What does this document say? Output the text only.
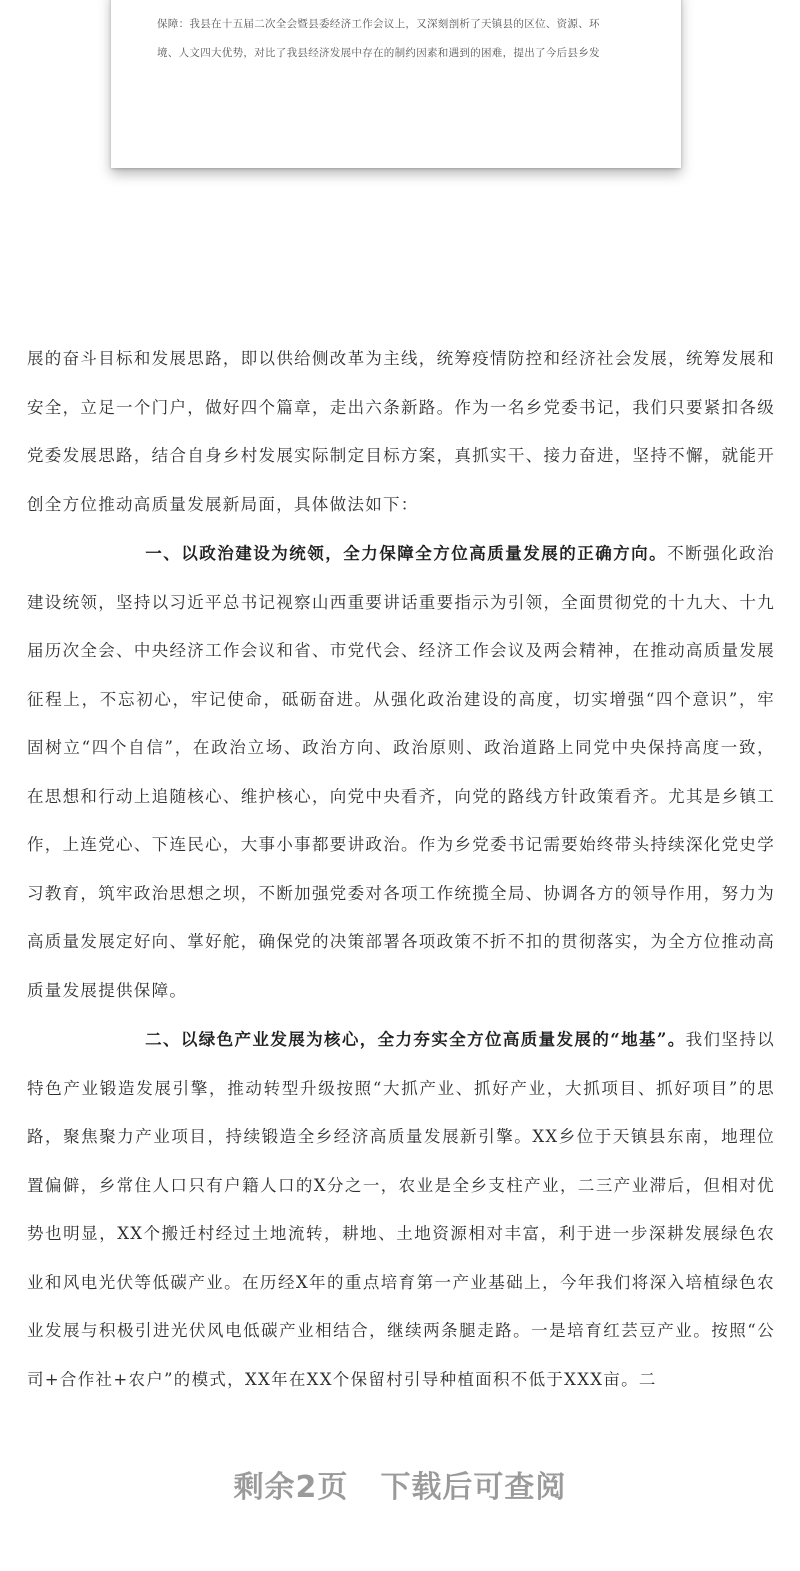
保障：我县在十五届二次全会暨县委经济工作会议上，又深刻剖析了天镇县的区位、资源、环
境、人文四大优势，对比了我县经济发展中存在的制约因素和遇到的困难，提出了今后县乡发

展的奋斗目标和发展思路，即以供给侧改革为主线，统筹疫情防控和经济社会发展，统筹发展和安全，立足一个门户，做好四个篇章，走出六条新路。作为一名乡党委书记，我们只要紧扣各级党委发展思路，结合自身乡村发展实际制定目标方案，真抓实干、接力奋进，坚持不懈，就能开创全方位推动高质量发展新局面，具体做法如下：

一、以政治建设为统领，全力保障全方位高质量发展的正确方向。不断强化政治建设统领，坚持以习近平总书记视察山西重要讲话重要指示为引领，全面贯彻党的十九大、十九届历次全会、中央经济工作会议和省、市党代会、经济工作会议及两会精神，在推动高质量发展征程上，不忘初心，牢记使命，砥砺奋进。从强化政治建设的高度，切实增强“四个意识”，牢固树立“四个自信”，在政治立场、政治方向、政治原则、政治道路上同党中央保持高度一致，在思想和行动上追随核心、维护核心，向党中央看齐，向党的路线方针政策看齐。尤其是乡镇工作，上连党心、下连民心，大事小事都要讲政治。作为乡党委书记需要始终带头持续深化党史学习教育，筑牢政治思想之坝，不断加强党委对各项工作统揽全局、协调各方的领导作用，努力为高质量发展定好向、掌好舵，确保党的决策部署各项政策不折不扣的贯彻落实，为全方位推动高质量发展提供保障。

二、以绿色产业发展为核心，全力夯实全方位高质量发展的“地基”。我们坚持以特色产业锻造发展引擎，推动转型升级按照“大抓产业、抓好产业，大抓项目、抓好项目”的思路，聚焦聚力产业项目，持续锻造全乡经济高质量发展新引擎。XX乡位于天镇县东南，地理位置偏僻，乡常住人口只有户籍人口的X分之一，农业是全乡支柱产业，二三产业滞后，但相对优势也明显，XX个搬迁村经过土地流转，耕地、土地资源相对丰富，利于进一步深耕发展绿色农业和风电光伏等低碳产业。在历经X年的重点培育第一产业基础上，今年我们将深入培植绿色农业发展与积极引进光伏风电低碳产业相结合，继续两条腿走路。一是培育红芸豆产业。按照“公司+合作社+农户”的模式，XX年在XX个保留村引导种植面积不低于XXX亩。二
剩余2页 下载后可查阅
